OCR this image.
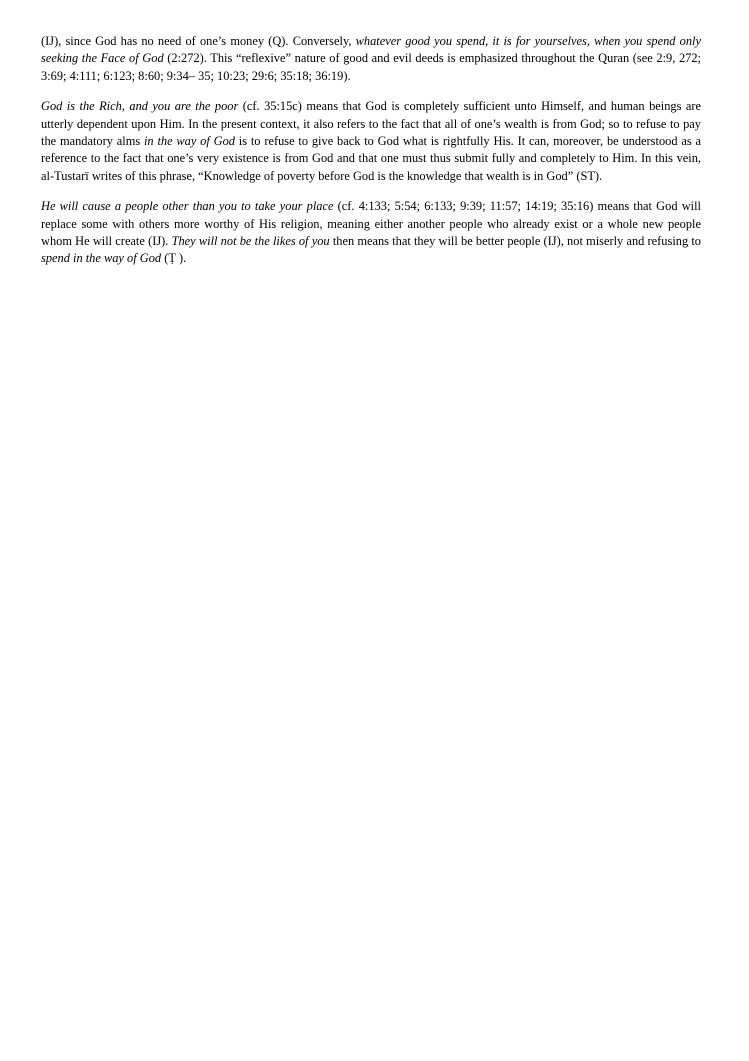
(IJ), since God has no need of one’s money (Q). Conversely, whatever good you spend, it is for yourselves, when you spend only seeking the Face of God (2:272). This “reflexive” nature of good and evil deeds is emphasized throughout the Quran (see 2:9, 272; 3:69; 4:111; 6:123; 8:60; 9:34– 35; 10:23; 29:6; 35:18; 36:19).

God is the Rich, and you are the poor (cf. 35:15c) means that God is completely sufficient unto Himself, and human beings are utterly dependent upon Him. In the present context, it also refers to the fact that all of one’s wealth is from God; so to refuse to pay the mandatory alms in the way of God is to refuse to give back to God what is rightfully His. It can, moreover, be understood as a reference to the fact that one’s very existence is from God and that one must thus submit fully and completely to Him. In this vein, al-Tustarī writes of this phrase, “Knowledge of poverty before God is the knowledge that wealth is in God” (ST).

He will cause a people other than you to take your place (cf. 4:133; 5:54; 6:133; 9:39; 11:57; 14:19; 35:16) means that God will replace some with others more worthy of His religion, meaning either another people who already exist or a whole new people whom He will create (IJ). They will not be the likes of you then means that they will be better people (IJ), not miserly and refusing to spend in the way of God (Ṭ ).
